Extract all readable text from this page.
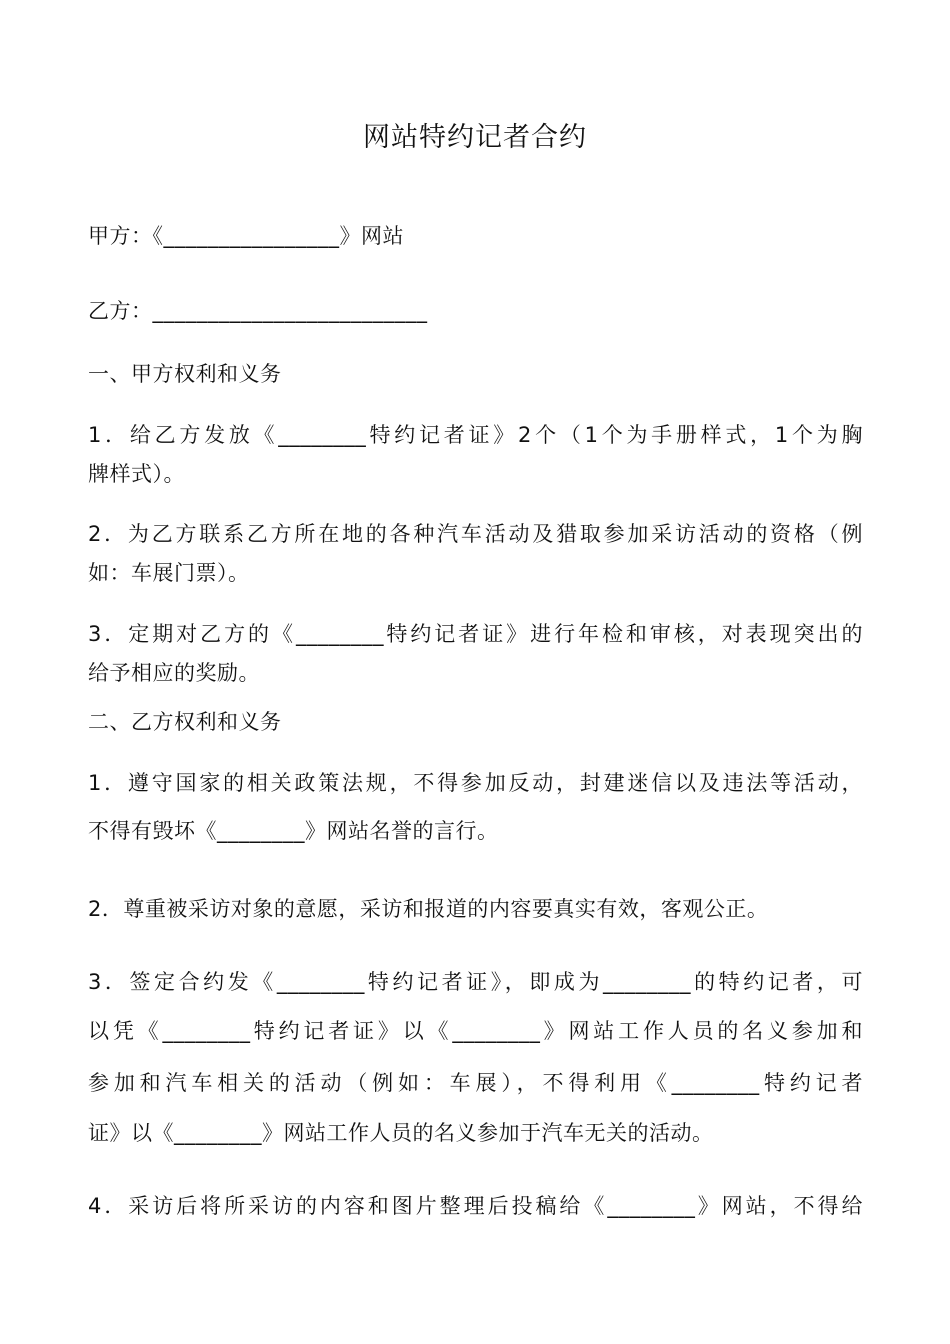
网站特约记者合约
甲方：《________________》网站
乙方：_________________________
一、甲方权利和义务
1．给乙方发放《________特约记者证》2个（1个为手册样式，1个为胸
牌样式）。
2．为乙方联系乙方所在地的各种汽车活动及猎取参加采访活动的资格（例
如：车展门票）。
3．定期对乙方的《________特约记者证》进行年检和审核，对表现突出的
给予相应的奖励。
二、乙方权利和义务
1．遵守国家的相关政策法规，不得参加反动，封建迷信以及违法等活动，
不得有毁坏《________》网站名誉的言行。
2．尊重被采访对象的意愿，采访和报道的内容要真实有效，客观公正。
3．签定合约发《________特约记者证》，即成为________的特约记者，可
以凭《________特约记者证》以《________》网站工作人员的名义参加和
参加和汽车相关的活动（例如：车展），不得利用《________特约记者
证》以《________》网站工作人员的名义参加于汽车无关的活动。
4．采访后将所采访的内容和图片整理后投稿给《________》网站，不得给
